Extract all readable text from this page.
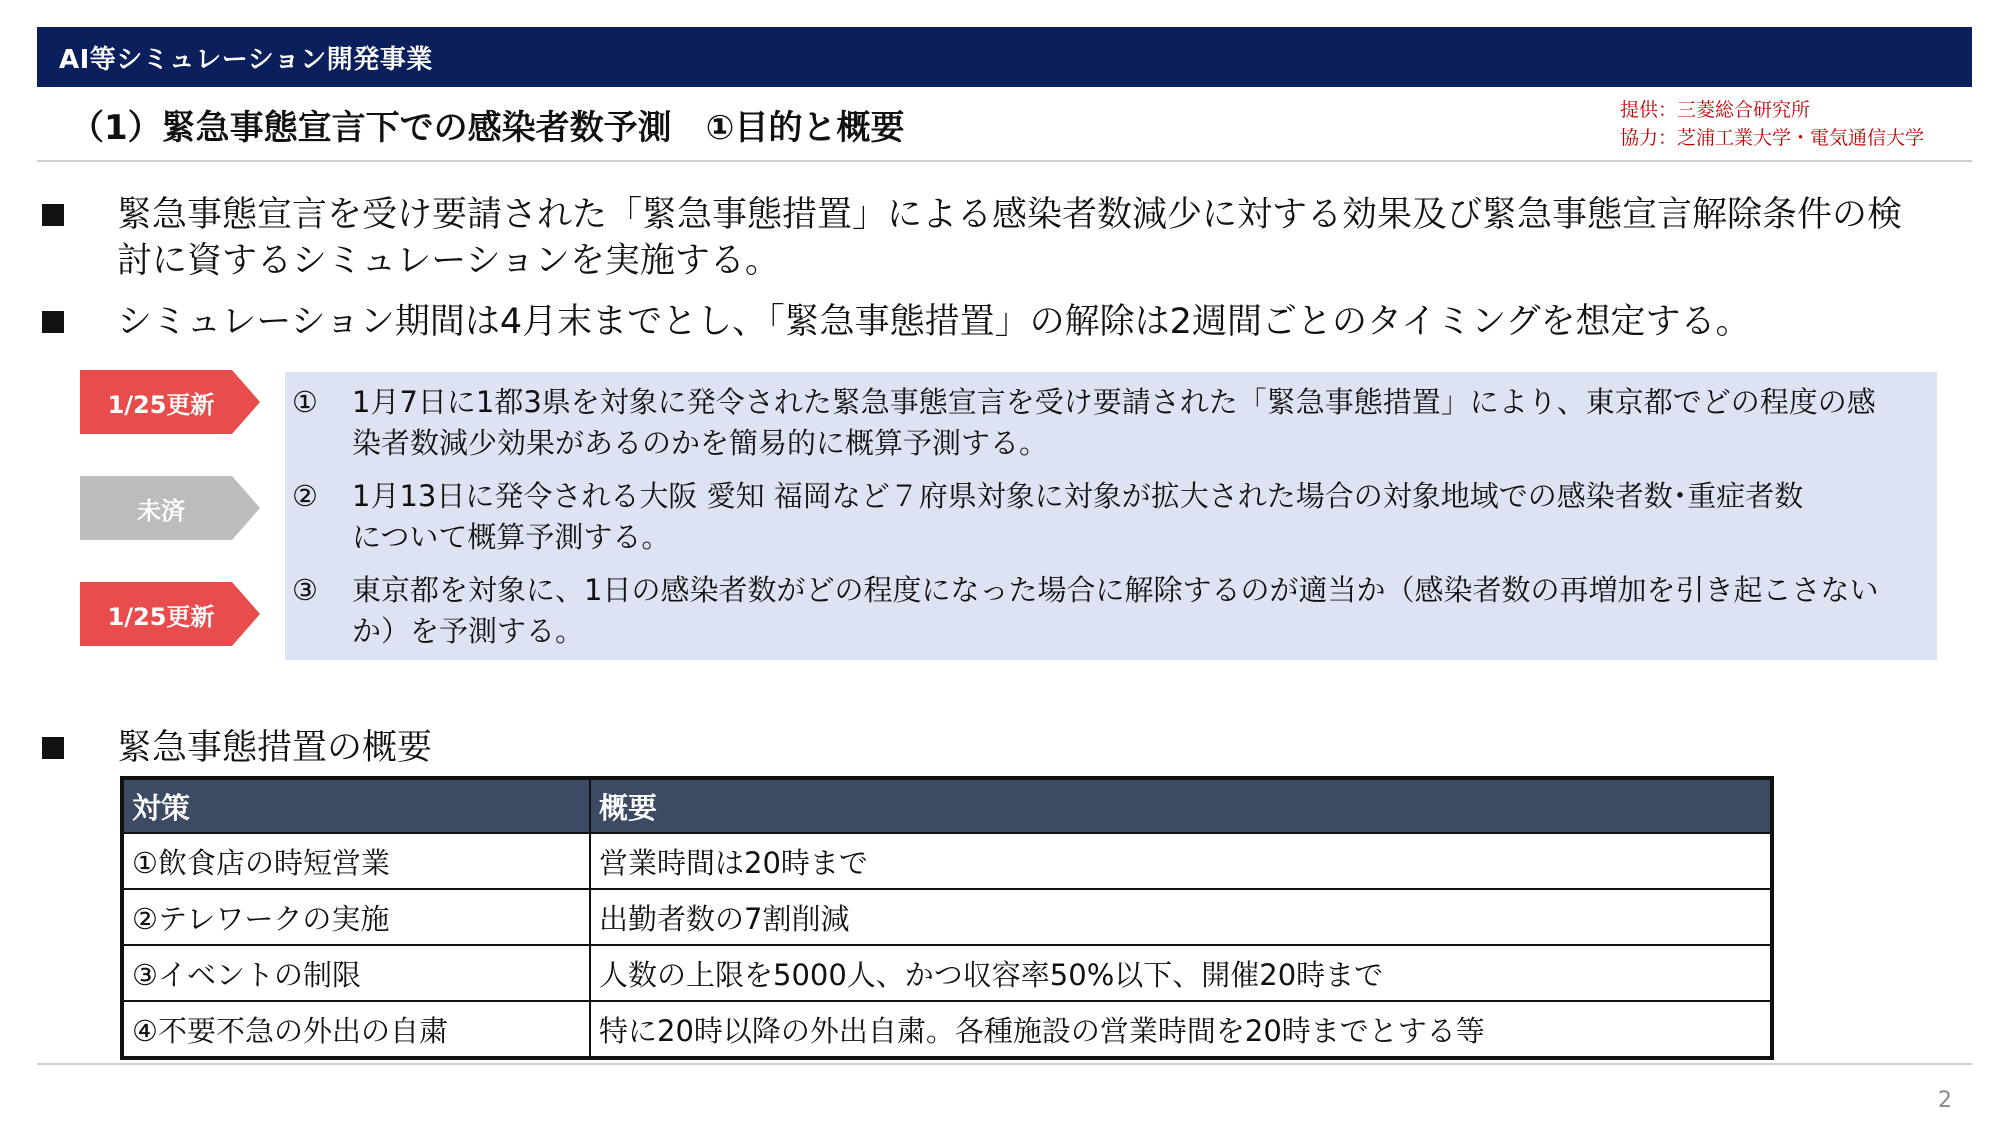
AI等シミュレーション開発事業
（1）緊急事態宣言下での感染者数予測　①目的と概要	提供：三菱総合研究所
協力：芝浦工業大学・電気通信大学
緊急事態宣言を受け要請された「緊急事態措置」による感染者数減少に対する効果及び緊急事態宣言解除条件の検
討に資するシミュレーションを実施する。
シミュレーション期間は4月末までとし、「緊急事態措置」の解除は2週間ごとのタイミングを想定する。
①	1月7日に1都3県を対象に発令された緊急事態宣言を受け要請された「緊急事態措置」により、東京都でどの程度の感
染者数減少効果があるのかを簡易的に概算予測する。
②	1月13日に発令される大阪 愛知 福岡など７府県対象に対象が拡大された場合の対象地域での感染者数･重症者数
について概算予測する。
③	東京都を対象に、1日の感染者数がどの程度になった場合に解除するのが適当か（感染者数の再増加を引き起こさない
か）を予測する。
1/25更新
未済
1/25更新
緊急事態措置の概要
対策	概要
①飲食店の時短営業	営業時間は20時まで
②テレワークの実施	出勤者数の7割削減
③イベントの制限	人数の上限を5000人、かつ収容率50%以下、開催20時まで
④不要不急の外出の自粛	特に20時以降の外出自粛。各種施設の営業時間を20時までとする等
2
